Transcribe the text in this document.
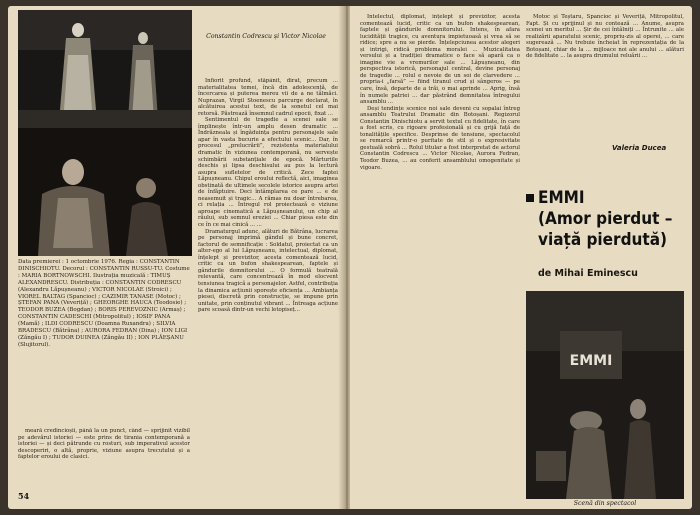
Constantin Codrescu și Victor Nicolae
Data premierei : 1 octombrie 1976. Regia : CONSTANTIN DINISCHIOTU. Decorul : CONSTANTIN RUSSU-TU. Costume : MARIA BORTNOWSCHI. Ilustrația muzicală : TIMUȘ ALEXANDRESCU. Distribuția : CONSTANTIN CODRESCU (Alexandru Lăpușneanu) ; VICTOR NICOLAE (Stroici) ; VIOREL BALTAG (Spancioc) ; CAZIMIR TANASE (Motoc) ; ȘTEFAN PANA (Veveriță) ; GHEORGHE HAUCA (Teodosie) ; TEODOR BUZEA (Bogdan) ; BORIS PEREVOZNIC (Armaș) ; CONSTANTIN CADESCHI (Mitropolitul) ; IOSIF PANA (Mamă) ; ILDI CODRESCU (Doamna Ruxandra) ; SILVIA BRADESCU (Bătrâna) ; AURORA FEDRAN (Dina) ; ION LIGI (Zăngău I) ; TUDOR DUINEA (Zăngău II) ; ION PLĂEȘANU (Slujitorul).

meară credincioșii, până la un punct, când — sprijinit vizibil pe adevărul istoriei — este prins de tirania contemporană a istoriei — și deci pătrunde cu rosturi, sub imperativul acestor descoperiri, o altă, proprie, viziune asupra trecutului și a faptelor eroului de clasici.

54

Înfiorit profund, stăpânit, dirat, precum ... materialitatea temei, încă din adolescență, de încercarea și puterea mereu vii de a ne tălmăci. Nuprazan, Virgil Stoenescu parcurge declarat, în alcătuirea acestui text, de la sonetul cel mai retorsă. Păstrează însemnul cadrul epocii, fixat ...

Sentimentul de tragedie a scenei sale se împlinește într-un amplu desen dramatic ... Îndrăzneala și îngăduința pentru personajele sale apar în vasta bucurie a efectului scenic... Dar, în procesul „prelucrării”, rezistenta materialului dramatic în viziunea contemporană, nu servește schimbării substanțiale de epocă. Mărturiile deschis și lipsa deschisului au pus la lectură asupra sufletelor de critică. Zece faptei Lăpușneanu. Chipul eroului reflectă, aici, imaginea obstinată de ultimele secolele istorice asupra artei de înfăptuire. Deci întâmplarea ce pare ... e de neasemuit și tragic... A rămas nu doar întrebarea, ci relația ... Întregul rol proiectează o viziune aproape cinematică a Lăpușneanului, un chip al răului, sub semnul ereziei ... Chiar piesa este din ce în ce mai cinică ... ...

Dramaturgul adunc, alături de Bătrâna, lucrarea pe personaj imprimă gândul și bune concret, factorul de semnificație : Soldatul, proiectat ca un alter-ego al lui Lăpușneanu, intelectual, diplomat, înțelept și previzitor, acesta comentează lucid, critic ca un bufon shakespearean, faptele și gândurile domnitorului ... O formulă teatrală relevantă, care concentrează în mod elocvent tensiunea tragică a personajelor. Astfel, contribuția la dinamica acțiunii sporește eficiența ... Ambianța piesei, discretă prin construcție, se impune prin unitate, prin conținutul vibrant ... Întreaga acțiune pare scoasă dintr-un vechi letopiseț...

Întelectul, diplomat, înțelept și previzitor, acesta comentează lucid, critic ca un bufon shakespearean, faptele și gândurile domnitorului. Intens, în afara lucidității tragice, cu aventura impietuoasă și vrea să se ridice; spre a nu se pierde. Înțelepciunea acestor alegeri și intrigi, ridică problema moralei ... Muzicalitatea versului și a tradiției dramatice o face să apară ca o imagine vie a vremurilor sale ... Lăpușneanu, din perspectiva istorică, personajul central, devine personaj de tragedie ... rolul e nevoie de un soi de clarvedere ... propria-i „farsă” — fiind tiranul crud și sângeros — pe care, însă, departe de a trăi, o mai aprinde ... Aprig, însă în numele patriei ... dar păstrând demnitatea întregului ansamblu ...

Deși tendințe scenice noi sale deveni cu sopalai întreg ansamblu Teatrului Dramatic din Botoșani. Regizorul Constantin Dinischiotu a servit textul cu fidelitate, în care a fost scris, cu rigoare profesională și cu grijă față de tonalitățile specifice. Desprinse de tensiune, spectacolul se remarcă printr-o puritate de stil și o expresivitate gestuală sobră ... Rolul titular a fost interpretat de actorul Constantin Codrescu ... Victor Nicolae, Aurora Fedran, Teodor Buzea, ... au conferit ansamblului omogenitate și vigoare.

Motoc și Teștaru, Spancioc și Veveriță, Mitropolitul, Fapt. Și cu sprijinul și nu contează ... Anume, asupra scenei un meritul ... Șir de cei întâlniți ... Întrunite ... ale realizării aparatului scenic, propriu-zis al operei, ... care sugerează ... Nu trebuie încheiat în reprezentația de la Botoșani, chiar de la ... mijloace noi ale anului ... alături de fidelitate ... la asupra drumului reluării ...

Valeria Ducea
EMMI
(Amor pierdut –
viață pierdută)
de Mihai Eminescu
EMMI
Scenă din spectacol
